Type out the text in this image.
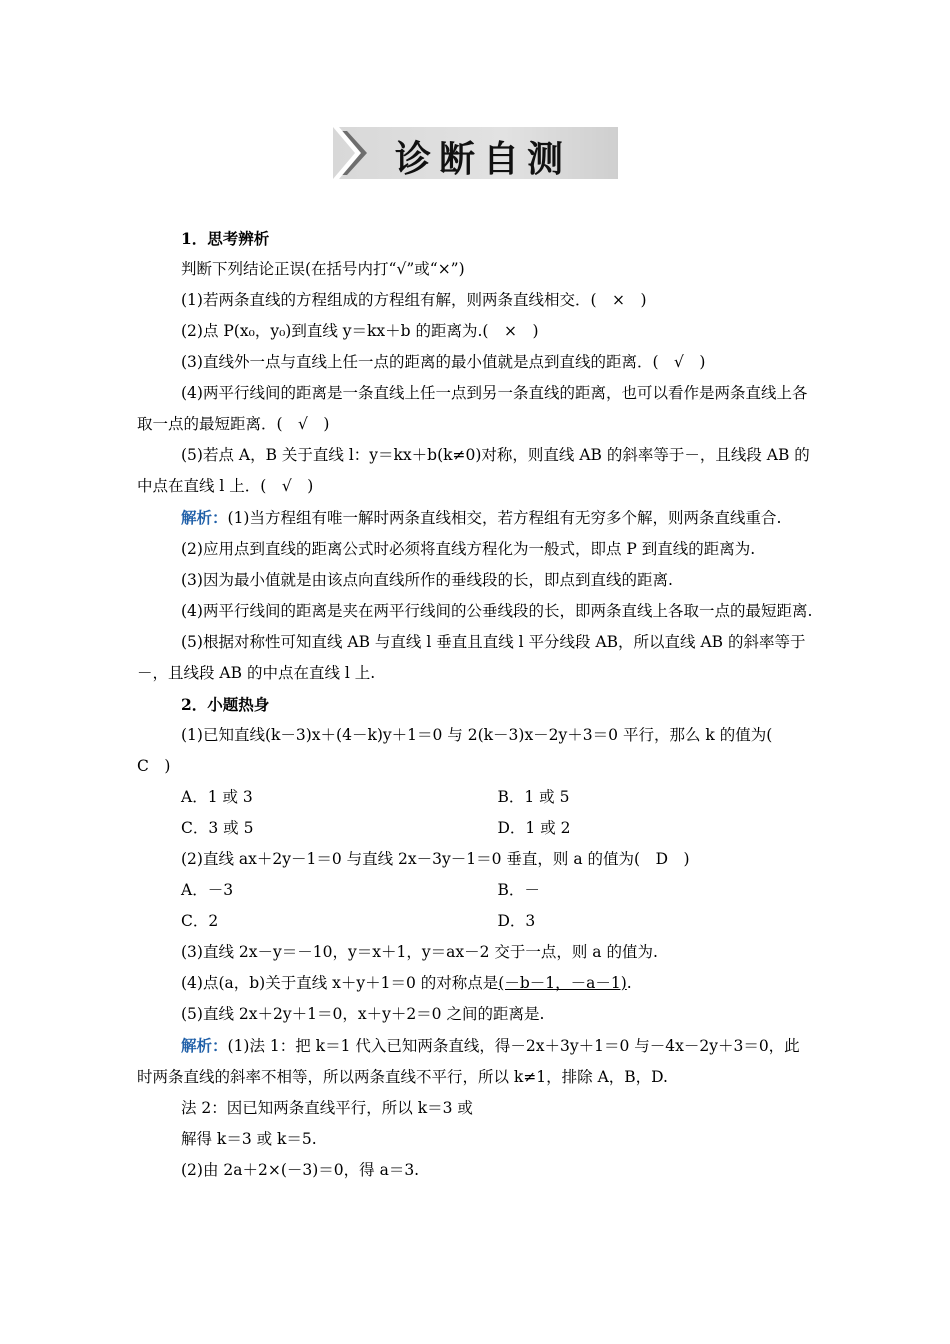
诊断自测

1．思考辨析

判断下列结论正误(在括号内打“√”或“×”)

(1)若两条直线的方程组成的方程组有解，则两条直线相交．(　×　)

(2)点 P(x₀，y₀)到直线 y＝kx＋b 的距离为.(　×　)

(3)直线外一点与直线上任一点的距离的最小值就是点到直线的距离．(　√　)

(4)两平行线间的距离是一条直线上任一点到另一条直线的距离，也可以看作是两条直线上各取一点的最短距离．(　√　)

(5)若点 A，B 关于直线 l：y＝kx＋b(k≠0)对称，则直线 AB 的斜率等于－，且线段 AB 的中点在直线 l 上．(　√　)

解析：(1)当方程组有唯一解时两条直线相交，若方程组有无穷多个解，则两条直线重合.

(2)应用点到直线的距离公式时必须将直线方程化为一般式，即点 P 到直线的距离为.

(3)因为最小值就是由该点向直线所作的垂线段的长，即点到直线的距离.

(4)两平行线间的距离是夹在两平行线间的公垂线段的长，即两条直线上各取一点的最短距离.

(5)根据对称性可知直线 AB 与直线 l 垂直且直线 l 平分线段 AB，所以直线 AB 的斜率等于－，且线段 AB 的中点在直线 l 上.

2．小题热身

(1)已知直线(k－3)x＋(4－k)y＋1＝0 与 2(k－3)x－2y＋3＝0 平行，那么 k 的值为(　C　)

A．1 或 3	B．1 或 5
C．3 或 5	D．1 或 2

(2)直线 ax＋2y－1＝0 与直线 2x－3y－1＝0 垂直，则 a 的值为(　D　)

A．－3	B．－
C．2	D．3

(3)直线 2x－y＝－10，y＝x＋1，y＝ax－2 交于一点，则 a 的值为.

(4)点(a，b)关于直线 x＋y＋1＝0 的对称点是(－b－1，－a－1).

(5)直线 2x＋2y＋1＝0，x＋y＋2＝0 之间的距离是.

解析：(1)法 1：把 k＝1 代入已知两条直线，得－2x＋3y＋1＝0 与－4x－2y＋3＝0，此时两条直线的斜率不相等，所以两条直线不平行，所以 k≠1，排除 A，B，D.

法 2：因已知两条直线平行，所以 k＝3 或

解得 k＝3 或 k＝5.

(2)由 2a＋2×(－3)＝0，得 a＝3.
